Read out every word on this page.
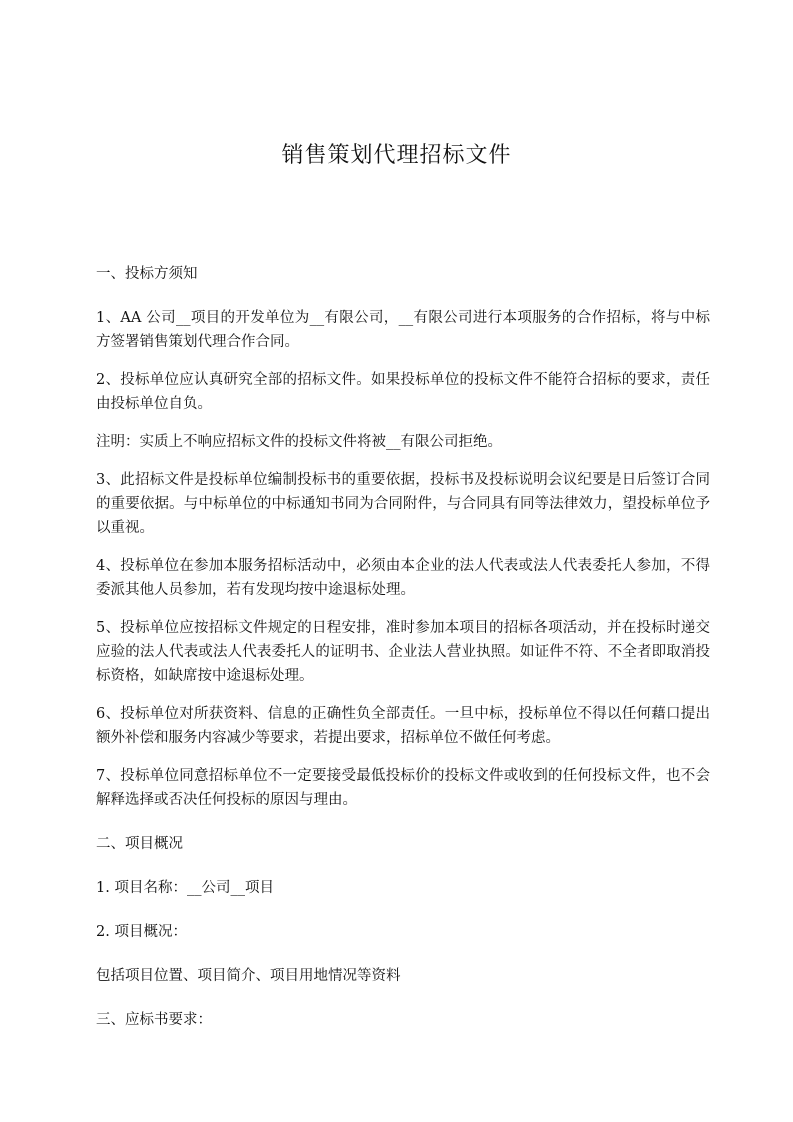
销售策划代理招标文件

一、投标方须知

1、AA 公司__项目的开发单位为__有限公司，__有限公司进行本项服务的合作招标，将与中标方签署销售策划代理合作合同。

2、投标单位应认真研究全部的招标文件。如果投标单位的投标文件不能符合招标的要求，责任由投标单位自负。

注明：实质上不响应招标文件的投标文件将被__有限公司拒绝。

3、此招标文件是投标单位编制投标书的重要依据，投标书及投标说明会议纪要是日后签订合同的重要依据。与中标单位的中标通知书同为合同附件，与合同具有同等法律效力，望投标单位予以重视。

4、投标单位在参加本服务招标活动中，必须由本企业的法人代表或法人代表委托人参加，不得委派其他人员参加，若有发现均按中途退标处理。

5、投标单位应按招标文件规定的日程安排，准时参加本项目的招标各项活动，并在投标时递交应验的法人代表或法人代表委托人的证明书、企业法人营业执照。如证件不符、不全者即取消投标资格，如缺席按中途退标处理。

6、投标单位对所获资料、信息的正确性负全部责任。一旦中标，投标单位不得以任何藉口提出额外补偿和服务内容减少等要求，若提出要求，招标单位不做任何考虑。

7、投标单位同意招标单位不一定要接受最低投标价的投标文件或收到的任何投标文件，也不会解释选择或否决任何投标的原因与理由。

二、项目概况

1. 项目名称：__公司__项目

2. 项目概况：

包括项目位置、项目简介、项目用地情况等资料

三、应标书要求：
